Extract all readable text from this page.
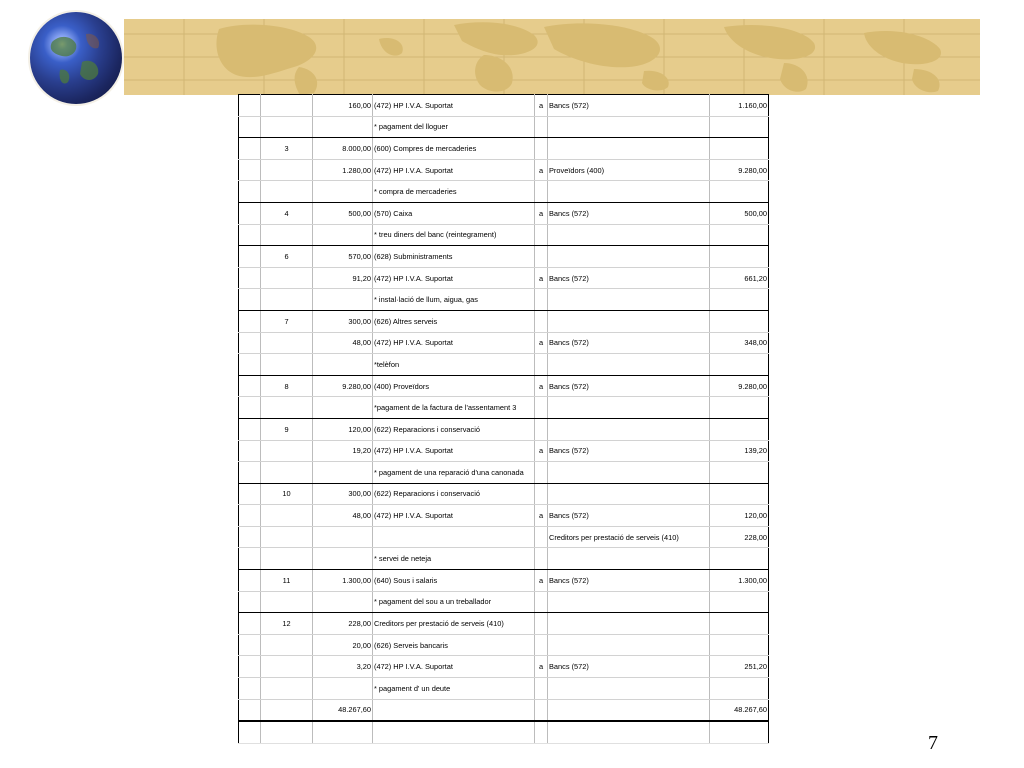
		160,00	(472) HP I.V.A. Suportat	a	Bancs (572)	1.160,00
			* pagament del lloguer			
	3	8.000,00	(600) Compres de mercaderies			
		1.280,00	(472) HP I.V.A. Suportat	a	Proveïdors (400)	9.280,00
			* compra de mercaderies			
	4	500,00	(570) Caixa	a	Bancs (572)	500,00
			* treu diners del banc (reintegrament)			
	6	570,00	(628) Subministraments			
		91,20	(472) HP I.V.A. Suportat	a	Bancs (572)	661,20
			* instal·lació de llum, aigua, gas			
	7	300,00	(626) Altres serveis			
		48,00	(472) HP I.V.A. Suportat	a	Bancs (572)	348,00
			*telèfon			
	8	9.280,00	(400) Proveïdors	a	Bancs (572)	9.280,00
			*pagament de la factura de l'assentament 3			
	9	120,00	(622) Reparacions i conservació			
		19,20	(472) HP I.V.A. Suportat	a	Bancs (572)	139,20
			* pagament de una reparació d'una canonada			
	10	300,00	(622) Reparacions i conservació			
		48,00	(472) HP I.V.A. Suportat	a	Bancs (572)	120,00
					Creditors per prestació de serveis (410)	228,00
			* servei de neteja			
	11	1.300,00	(640) Sous i salaris	a	Bancs (572)	1.300,00
			* pagament del sou a un treballador			
	12	228,00	Creditors per prestació de serveis (410)			
		20,00	(626) Serveis bancaris			
		3,20	(472) HP I.V.A. Suportat	a	Bancs (572)	251,20
			* pagament d' un deute			
		48.267,60				48.267,60

7
